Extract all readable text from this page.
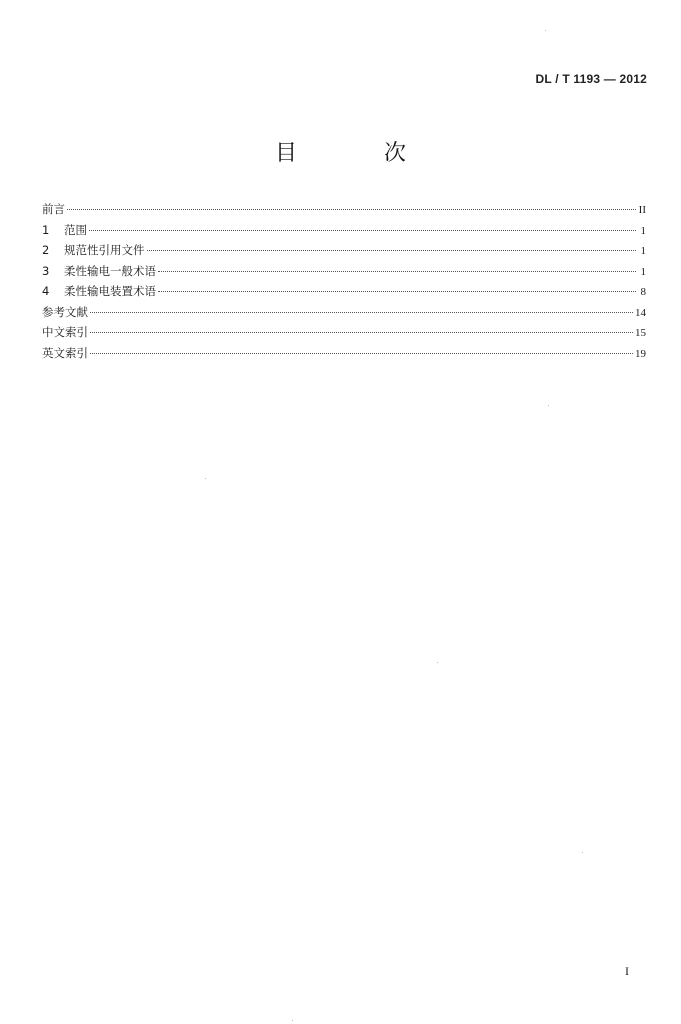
DL / T 1193 — 2012
目 次
前言	II
1	范围	1
2	规范性引用文件	1
3	柔性输电一般术语	1
4	柔性输电装置术语	8
参考文献	14
中文索引	15
英文索引	19
I
